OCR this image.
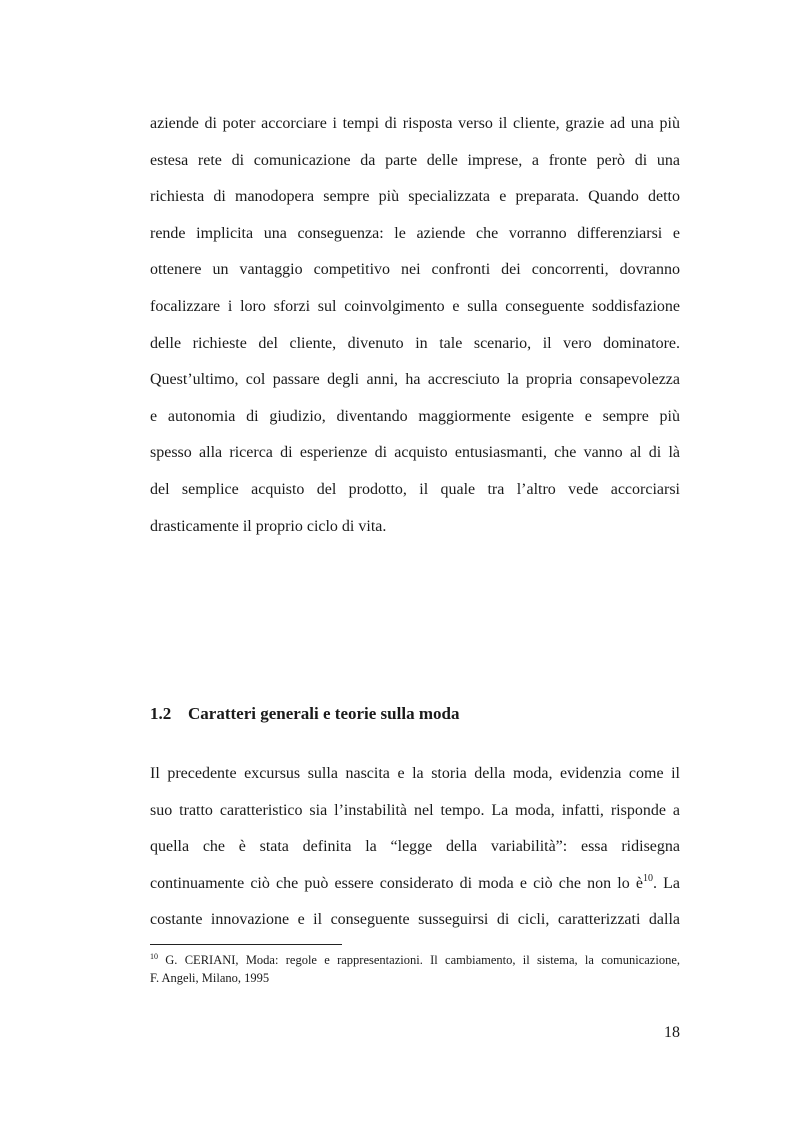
aziende di poter accorciare i tempi di risposta verso il cliente, grazie ad una più
estesa rete di comunicazione da parte delle imprese, a fronte però di una
richiesta di manodopera sempre più specializzata e preparata. Quando detto
rende implicita una conseguenza: le aziende che vorranno differenziarsi e
ottenere un vantaggio competitivo nei confronti dei concorrenti, dovranno
focalizzare i loro sforzi sul coinvolgimento e sulla conseguente soddisfazione
delle richieste del cliente, divenuto in tale scenario, il vero dominatore.
Quest’ultimo, col passare degli anni, ha accresciuto la propria consapevolezza
e autonomia di giudizio, diventando maggiormente esigente e sempre più
spesso alla ricerca di esperienze di acquisto entusiasmanti, che vanno al di là
del semplice acquisto del prodotto, il quale tra l’altro vede accorciarsi
drasticamente il proprio ciclo di vita.
1.2 Caratteri generali e teorie sulla moda
Il precedente excursus sulla nascita e la storia della moda, evidenzia come il
suo tratto caratteristico sia l’instabilità nel tempo. La moda, infatti, risponde a
quella che è stata definita la “legge della variabilità”: essa ridisegna
continuamente ciò che può essere considerato di moda e ciò che non lo $è^{10}$. La
costante innovazione e il conseguente susseguirsi di cicli, caratterizzati dalla
$^{10}$ G. CERIANI, Moda: regole e rappresentazioni. Il cambiamento, il sistema, la comunicazione,
F. Angeli, Milano, 1995
18
